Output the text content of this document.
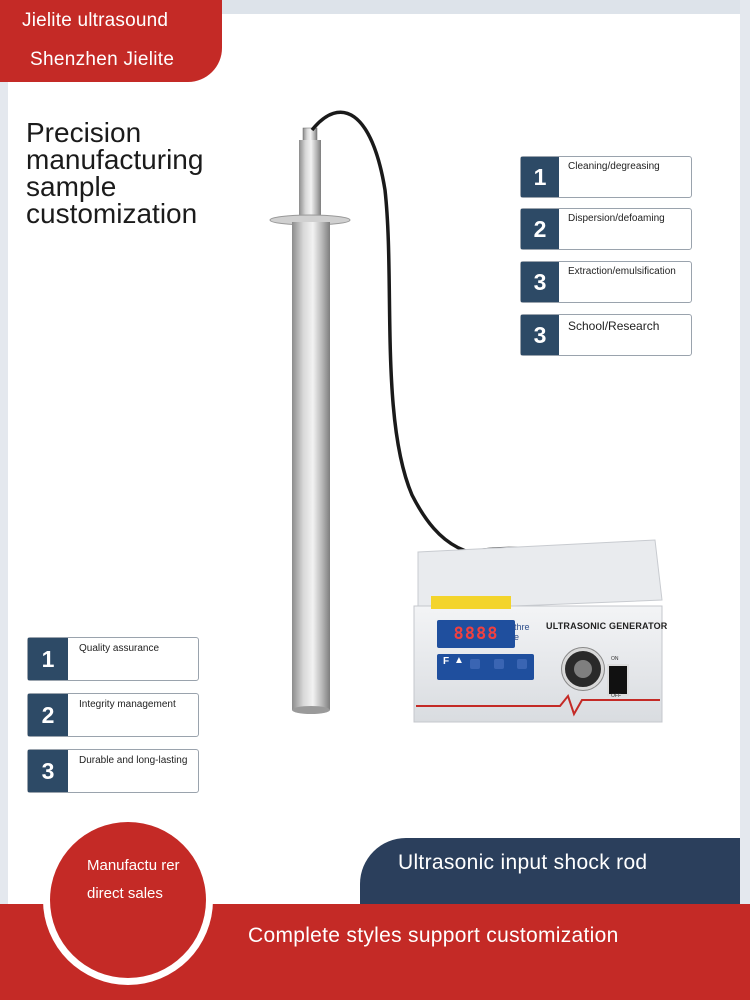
Jielite ultrasound
Shenzhen Jielite
Precision
manufacturing
sample
customization
8888	thre e
ULTRASONIC GENERATOR
F ▲	ON
OFF
1	Cleaning/degreasing
2	Dispersion/defoaming
3	Extraction/emulsification
3	School/Research
1	Quality assurance
2	Integrity management
3	Durable and long-lasting
Ultrasonic input shock rod
Complete styles support customization
Manufactu rer direct sales
